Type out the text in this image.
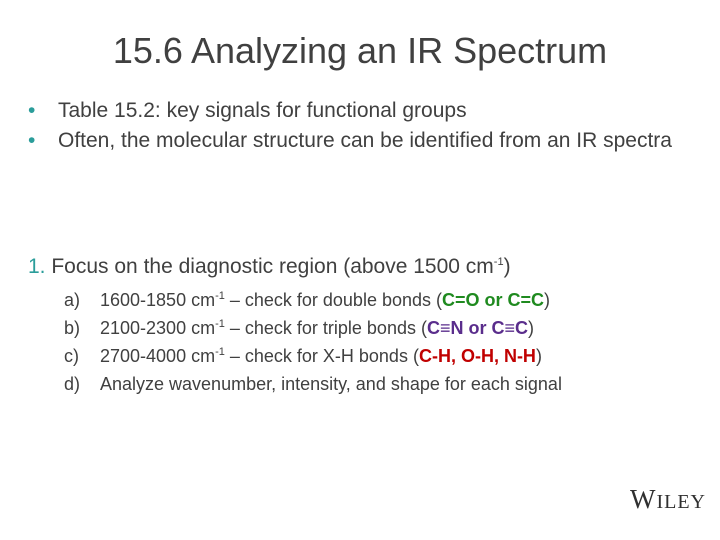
15.6 Analyzing an IR Spectrum
• Table 15.2: key signals for functional groups
• Often, the molecular structure can be identified from an IR spectra
1. Focus on the diagnostic region (above 1500 $cm^{-1}$)
a) 1600-1850 $cm^{-1}$ – check for double bonds (C=O or C=C)
b) 2100-2300 $cm^{-1}$ – check for triple bonds (C≡N or C≡C)
c) 2700-4000 $cm^{-1}$ – check for X-H bonds (C-H, O-H, N-H)
d) Analyze wavenumber, intensity, and shape for each signal
WILEY
